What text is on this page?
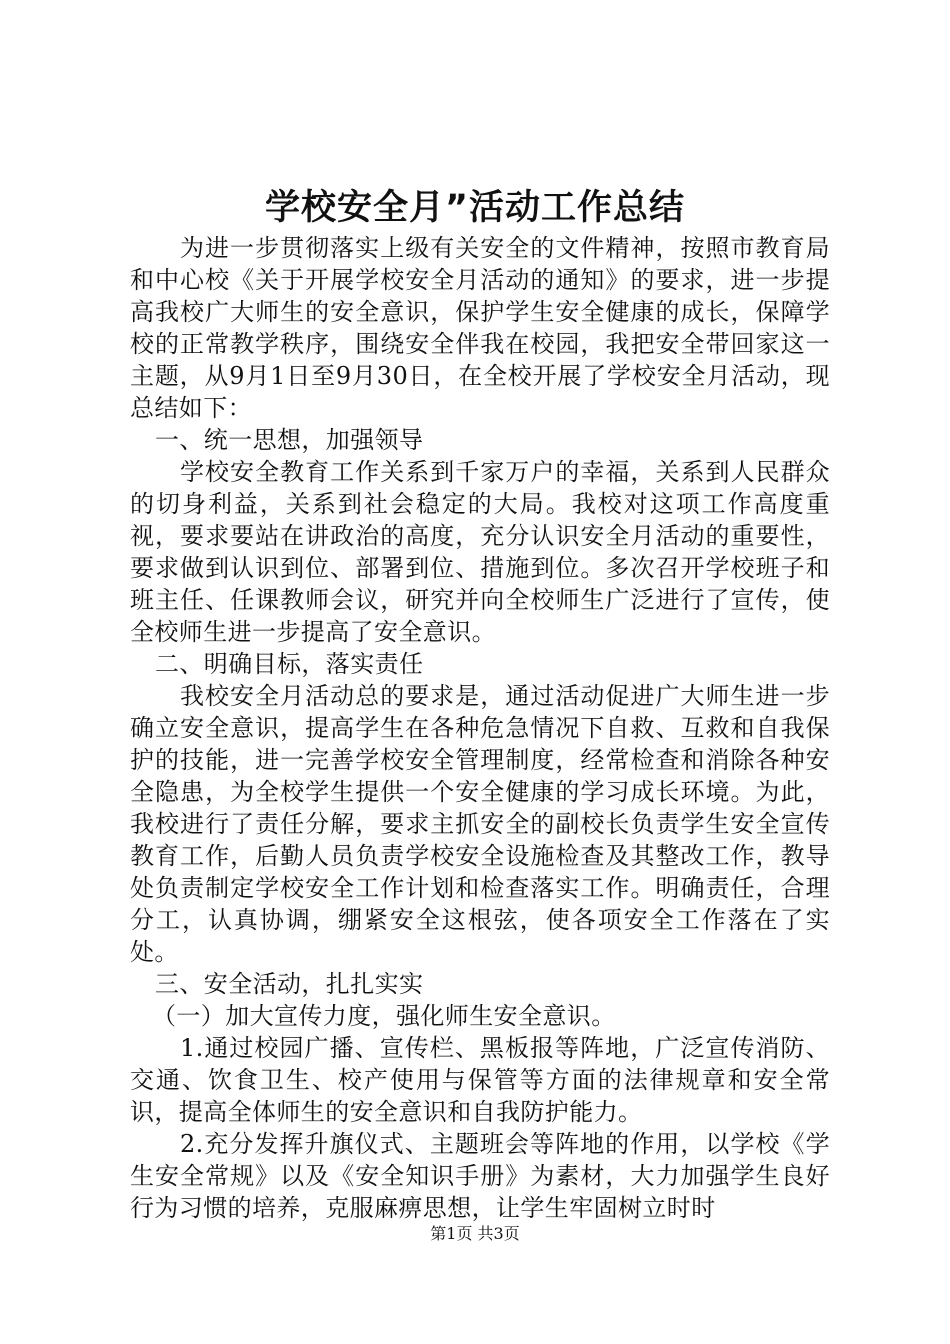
学校安全月”活动工作总结

为进一步贯彻落实上级有关安全的文件精神，按照市教育局和中心校《关于开展学校安全月活动的通知》的要求，进一步提高我校广大师生的安全意识，保护学生安全健康的成长，保障学校的正常教学秩序，围绕安全伴我在校园，我把安全带回家这一主题，从9月1日至9月30日，在全校开展了学校安全月活动，现总结如下：

一、统一思想，加强领导

学校安全教育工作关系到千家万户的幸福，关系到人民群众的切身利益，关系到社会稳定的大局。我校对这项工作高度重视，要求要站在讲政治的高度，充分认识安全月活动的重要性，要求做到认识到位、部署到位、措施到位。多次召开学校班子和班主任、任课教师会议，研究并向全校师生广泛进行了宣传，使全校师生进一步提高了安全意识。

二、明确目标，落实责任

我校安全月活动总的要求是，通过活动促进广大师生进一步确立安全意识，提高学生在各种危急情况下自救、互救和自我保护的技能，进一完善学校安全管理制度，经常检查和消除各种安全隐患，为全校学生提供一个安全健康的学习成长环境。为此，我校进行了责任分解，要求主抓安全的副校长负责学生安全宣传教育工作，后勤人员负责学校安全设施检查及其整改工作，教导处负责制定学校安全工作计划和检查落实工作。明确责任，合理分工，认真协调，绷紧安全这根弦，使各项安全工作落在了实处。

三、安全活动，扎扎实实

（一）加大宣传力度，强化师生安全意识。

1.通过校园广播、宣传栏、黑板报等阵地，广泛宣传消防、交通、饮食卫生、校产使用与保管等方面的法律规章和安全常识，提高全体师生的安全意识和自我防护能力。

2.充分发挥升旗仪式、主题班会等阵地的作用，以学校《学生安全常规》以及《安全知识手册》为素材，大力加强学生良好行为习惯的培养，克服麻痹思想，让学生牢固树立时时

第1页 共3页
